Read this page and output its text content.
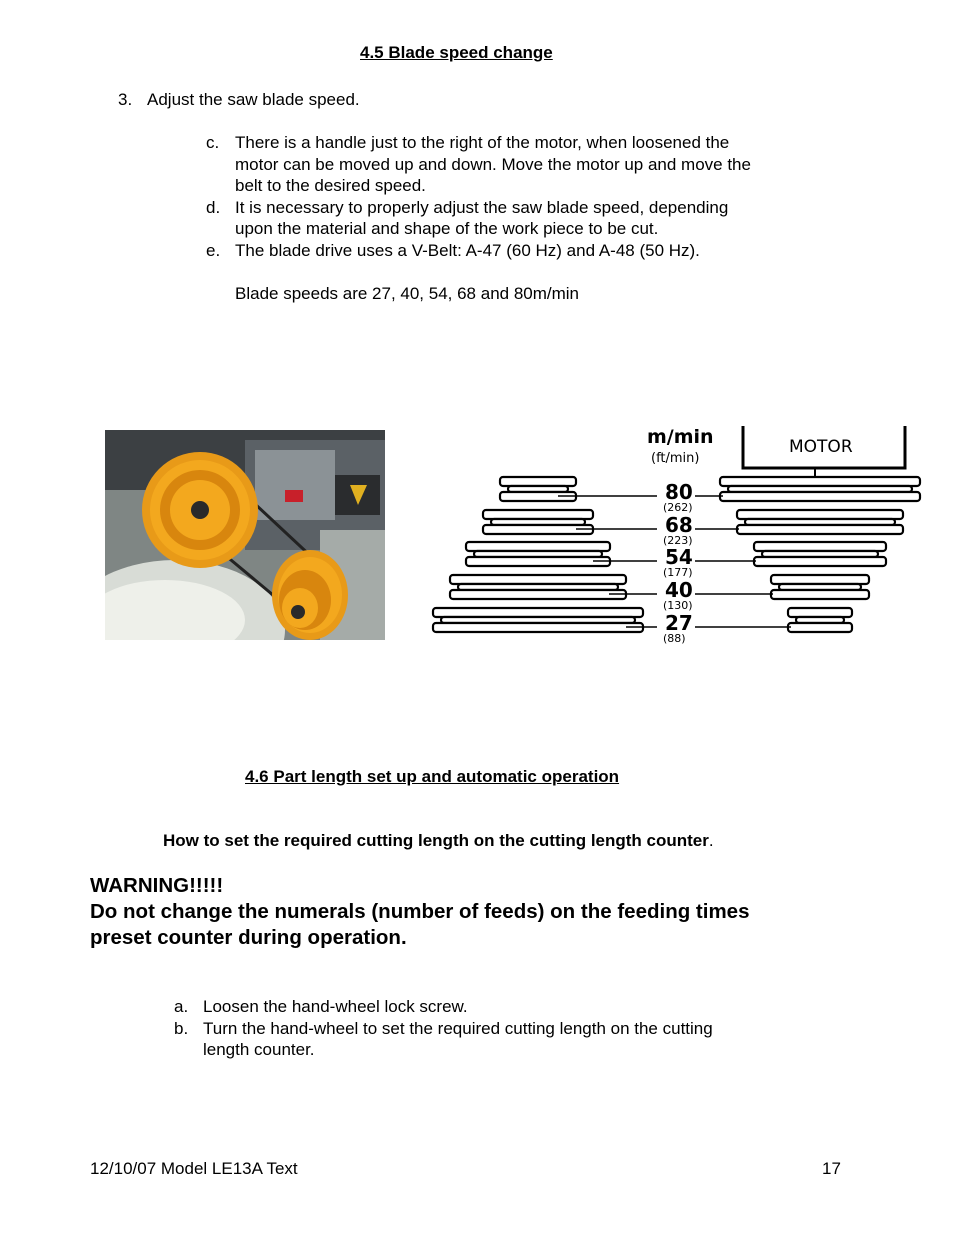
4.5 Blade speed change
3. Adjust the saw blade speed.
c. There is a handle just to the right of the motor, when loosened the
motor can be moved up and down. Move the motor up and move the
belt to the desired speed.
d. It is necessary to properly adjust the saw blade speed, depending
upon the material and shape of the work piece to be cut.
e. The blade drive uses a V-Belt: A-47 (60 Hz) and A-48 (50 Hz).
Blade speeds are 27, 40, 54, 68 and 80m/min
m/min
(ft/min)
MOTOR
80
(262)
68
(223)
54
(177)
40
(130)
27
(88)
4.6 Part length set up and automatic operation
How to set the required cutting length on the cutting length counter.
WARNING!!!!!
Do not change the numerals (number of feeds) on the feeding times
preset counter during operation.
a. Loosen the hand-wheel lock screw.
b. Turn the hand-wheel to set the required cutting length on the cutting
length counter.
12/10/07 Model LE13A Text	17
